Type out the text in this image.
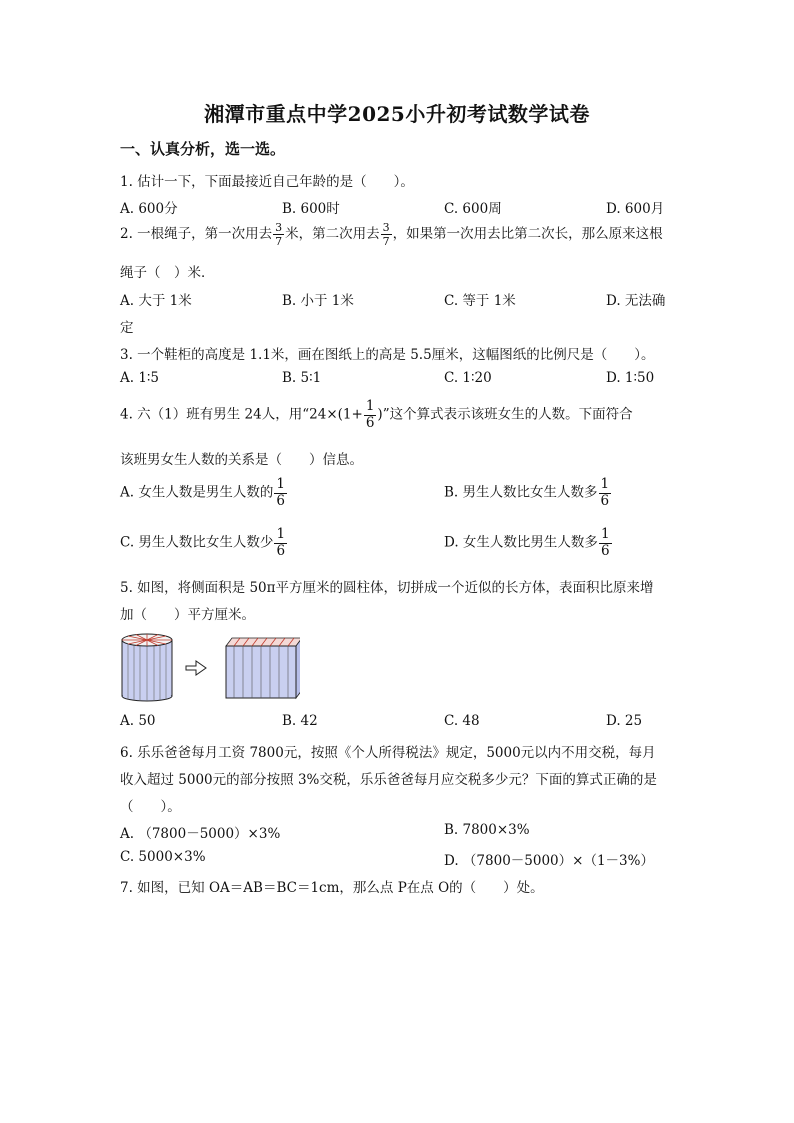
湘潭市重点中学2025小升初考试数学试卷
一、认真分析，选一选。
1. 估计一下，下面最接近自己年龄的是（　　）。
A. 600分	B. 600时	C. 600周	D. 600月
2. 一根绳子，第一次用去 $\frac{3}{7}$ 米，第二次用去 $\frac{3}{7}$ ，如果第一次用去比第二次长，那么原来这根
绳子（　）米．
A. 大于 1米	B. 小于 1米	C. 等于 1米	D. 无法确
定
3. 一个鞋柜的高度是 1.1米，画在图纸上的高是 5.5厘米，这幅图纸的比例尺是（　　）。
A. 1∶5	B. 5∶1	C. 1∶20	D. 1∶50
4. 六（1）班有男生 24人，用“$24\times(1+ \frac{1}{6}$ )”这个算式表示该班女生的人数。下面符合
该班男女生人数的关系是（　　）信息。
A. 女生人数是男生人数的 $\frac{1}{6}$	B. 男生人数比女生人数多 $\frac{1}{6}$
C. 男生人数比女生人数少 $\frac{1}{6}$	D. 女生人数比男生人数多 $\frac{1}{6}$
5. 如图，将侧面积是 50π平方厘米的圆柱体，切拼成一个近似的长方体，表面积比原来增
加（　　）平方厘米。
A. 50	B. 42	C. 48	D. 25
6. 乐乐爸爸每月工资 7800元，按照《个人所得税法》规定，5000元以内不用交税，每月
收入超过 5000元的部分按照 3%交税，乐乐爸爸每月应交税多少元？下面的算式正确的是
（　　）。
A. （7800－5000）×3%	B. 7800×3%
C. 5000×3%	D. （7800－5000）×（1－3%）
7. 如图，已知 OA＝AB＝BC＝1cm，那么点 P在点 O的（　　）处。
